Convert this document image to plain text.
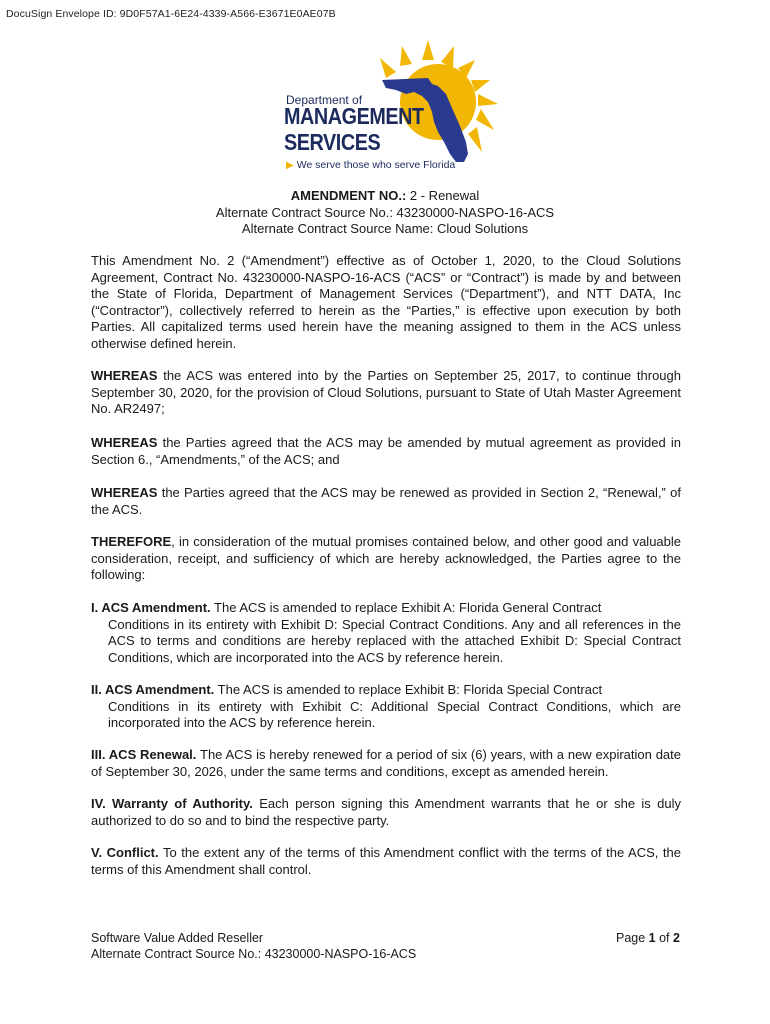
DocuSign Envelope ID: 9D0F57A1-6E24-4339-A566-E3671E0AE07B
Department of
MANAGEMENT
SERVICES
▶ We serve those who serve Florida
AMENDMENT NO.: 2 - Renewal
Alternate Contract Source No.: 43230000-NASPO-16-ACS
Alternate Contract Source Name: Cloud Solutions

This Amendment No. 2 (“Amendment”) effective as of October 1, 2020, to the Cloud Solutions Agreement, Contract No. 43230000-NASPO-16-ACS (“ACS” or “Contract”) is made by and between the State of Florida, Department of Management Services (“Department”), and NTT DATA, Inc (“Contractor”), collectively referred to herein as the “Parties,” is effective upon execution by both Parties. All capitalized terms used herein have the meaning assigned to them in the ACS unless otherwise defined herein.

WHEREAS the ACS was entered into by the Parties on September 25, 2017, to continue through September 30, 2020, for the provision of Cloud Solutions, pursuant to State of Utah Master Agreement No. AR2497;

WHEREAS the Parties agreed that the ACS may be amended by mutual agreement as provided in Section 6., “Amendments,” of the ACS; and

WHEREAS the Parties agreed that the ACS may be renewed as provided in Section 2, “Renewal,” of the ACS.

THEREFORE, in consideration of the mutual promises contained below, and other good and valuable consideration, receipt, and sufficiency of which are hereby acknowledged, the Parties agree to the following:

I. ACS Amendment. The ACS is amended to replace Exhibit A: Florida General Contract
Conditions in its entirety with Exhibit D: Special Contract Conditions. Any and all references in the ACS to terms and conditions are hereby replaced with the attached Exhibit D: Special Contract Conditions, which are incorporated into the ACS by reference herein.
II. ACS Amendment. The ACS is amended to replace Exhibit B: Florida Special Contract
Conditions in its entirety with Exhibit C: Additional Special Contract Conditions, which are incorporated into the ACS by reference herein.

III. ACS Renewal. The ACS is hereby renewed for a period of six (6) years, with a new expiration date of September 30, 2026, under the same terms and conditions, except as amended herein.

IV. Warranty of Authority. Each person signing this Amendment warrants that he or she is duly authorized to do so and to bind the respective party.

V. Conflict. To the extent any of the terms of this Amendment conflict with the terms of the ACS, the terms of this Amendment shall control.

Software Value Added Reseller
Alternate Contract Source No.: 43230000-NASPO-16-ACS
Page 1 of 2
